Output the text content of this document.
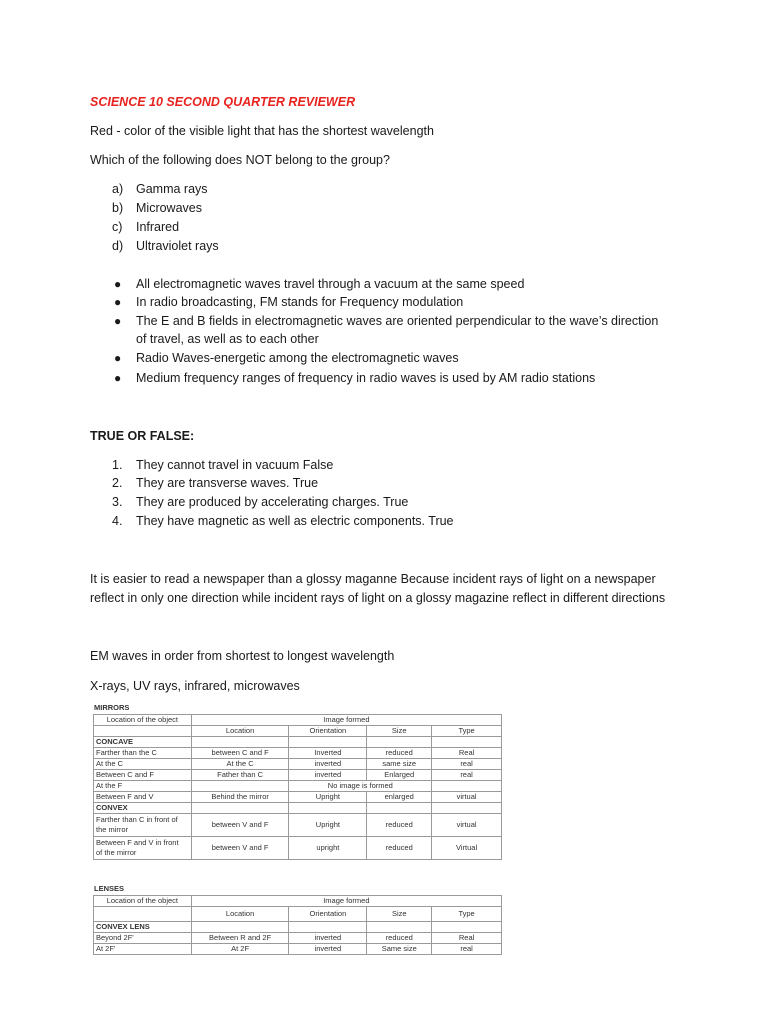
SCIENCE 10 SECOND QUARTER REVIEWER
Red - color of the visible light that has the shortest wavelength
Which of the following does NOT belong to the group?
a)	Gamma rays
b)	Microwaves
c)	Infrared
d)	Ultraviolet rays
● All electromagnetic waves travel through a vacuum at the same speed
● In radio broadcasting, FM stands for Frequency modulation
● The E and B fields in electromagnetic waves are oriented perpendicular to the wave’s direction
of travel, as well as to each other
● Radio Waves-energetic among the electromagnetic waves
● Medium frequency ranges of frequency in radio waves is used by AM radio stations
TRUE OR FALSE:
1.	They cannot travel in vacuum False
2.	They are transverse waves. True
3.	They are produced by accelerating charges. True
4.	They have magnetic as well as electric components. True
It is easier to read a newspaper than a glossy maganne Because incident rays of light on a newspaper
reflect in only one direction while incident rays of light on a glossy magazine reflect in different directions
EM waves in order from shortest to longest wavelength
X-rays, UV rays, infrared, microwaves
MIRRORS
Location of the object	Image formed			
	Location	Orientation	Size	Type
CONCAVE				
Farther than the C	between C and F	Inverted	reduced	Real
At the C	At the C	inverted	same size	real
Between C and F	Father than C	inverted	Enlarged	real
At the F		No image is formed		
Between F and V	Behind the mirror	Upright	enlarged	virtual
CONVEX				
Farther than C in front of
the mirror	between V and F	Upright	reduced	virtual
Between F and V in front
of the mirror	between V and F	upright	reduced	Virtual
LENSES
Location of the object	Image formed			
	Location	Orientation	Size	Type
CONVEX LENS				
Beyond 2F'	Between R and 2F	inverted	reduced	Real
At 2F'	At 2F	inverted	Same size	real
